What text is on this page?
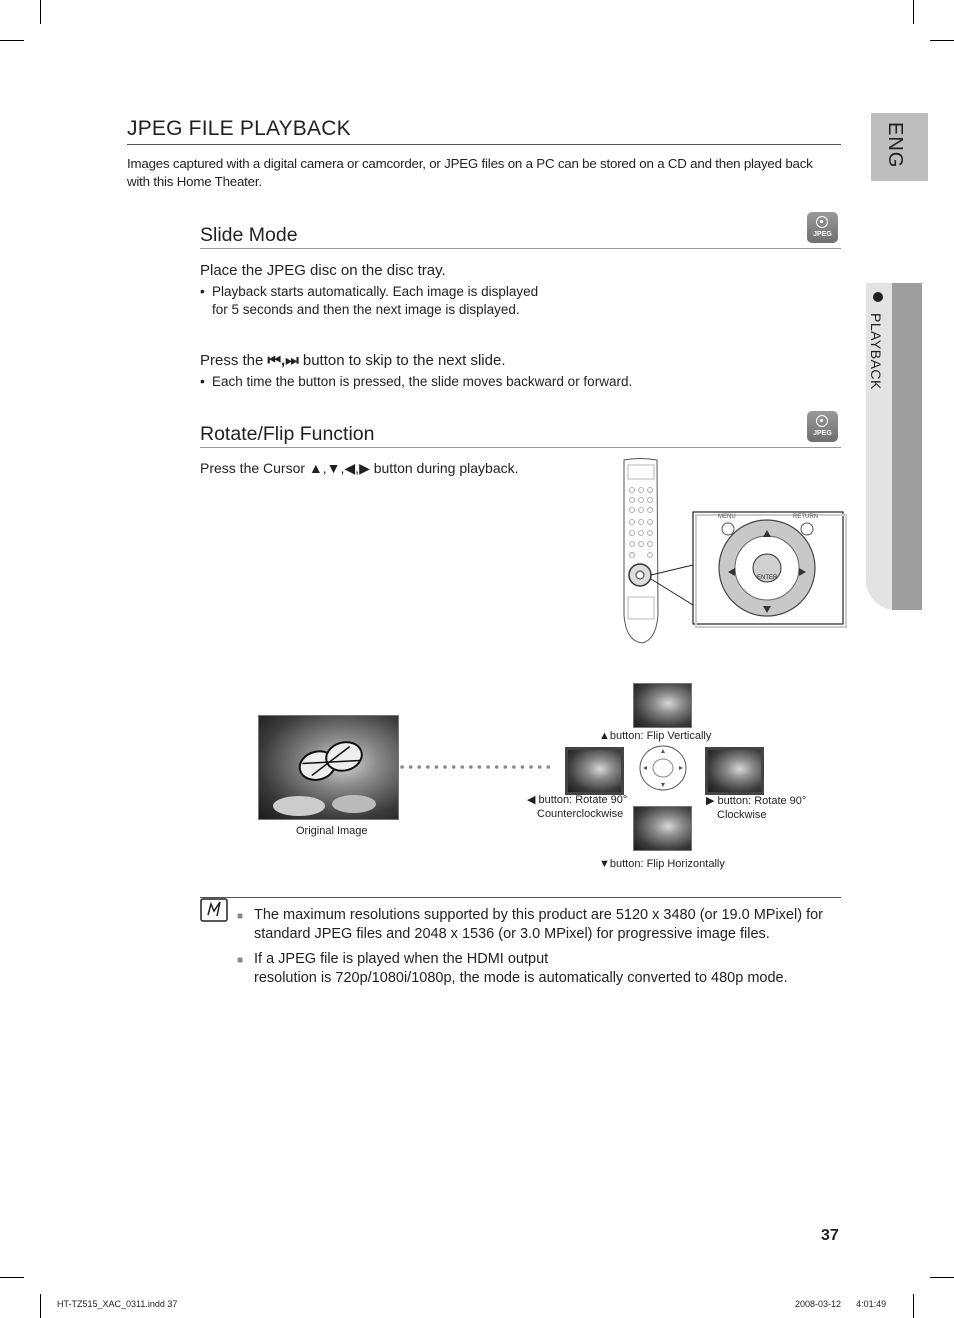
JPEG FILE PLAYBACK
Images captured with a digital camera or camcorder, or JPEG files on a PC can be stored on a CD and then played back
with this Home Theater.
ENG
PLAYBACK
Slide Mode	JPEG
Place the JPEG disc on the disc tray.
• Playback starts automatically. Each image is displayed
for 5 seconds and then the next image is displayed.
Press the ⏮,⏭ button to skip to the next slide.
• Each time the button is pressed, the slide moves backward or forward.
Rotate/Flip Function	JPEG
Press the Cursor ▲,▼,◀,▶ button during playback.
MENU	RETURN
ENTER
Original Image
▲button: Flip Vertically
◀ button: Rotate 90°
Counterclockwise
▶ button: Rotate 90°
Clockwise
▼button: Flip Horizontally
■ The maximum resolutions supported by this product are 5120 x 3480 (or 19.0 MPixel) for
standard JPEG files and 2048 x 1536 (or 3.0 MPixel) for progressive image files.
■ If a JPEG file is played when the HDMI output
resolution is 720p/1080i/1080p, the mode is automatically converted to 480p mode.
37
HT-TZ515_XAC_0311.indd 37	2008-03-12 4:01:49
